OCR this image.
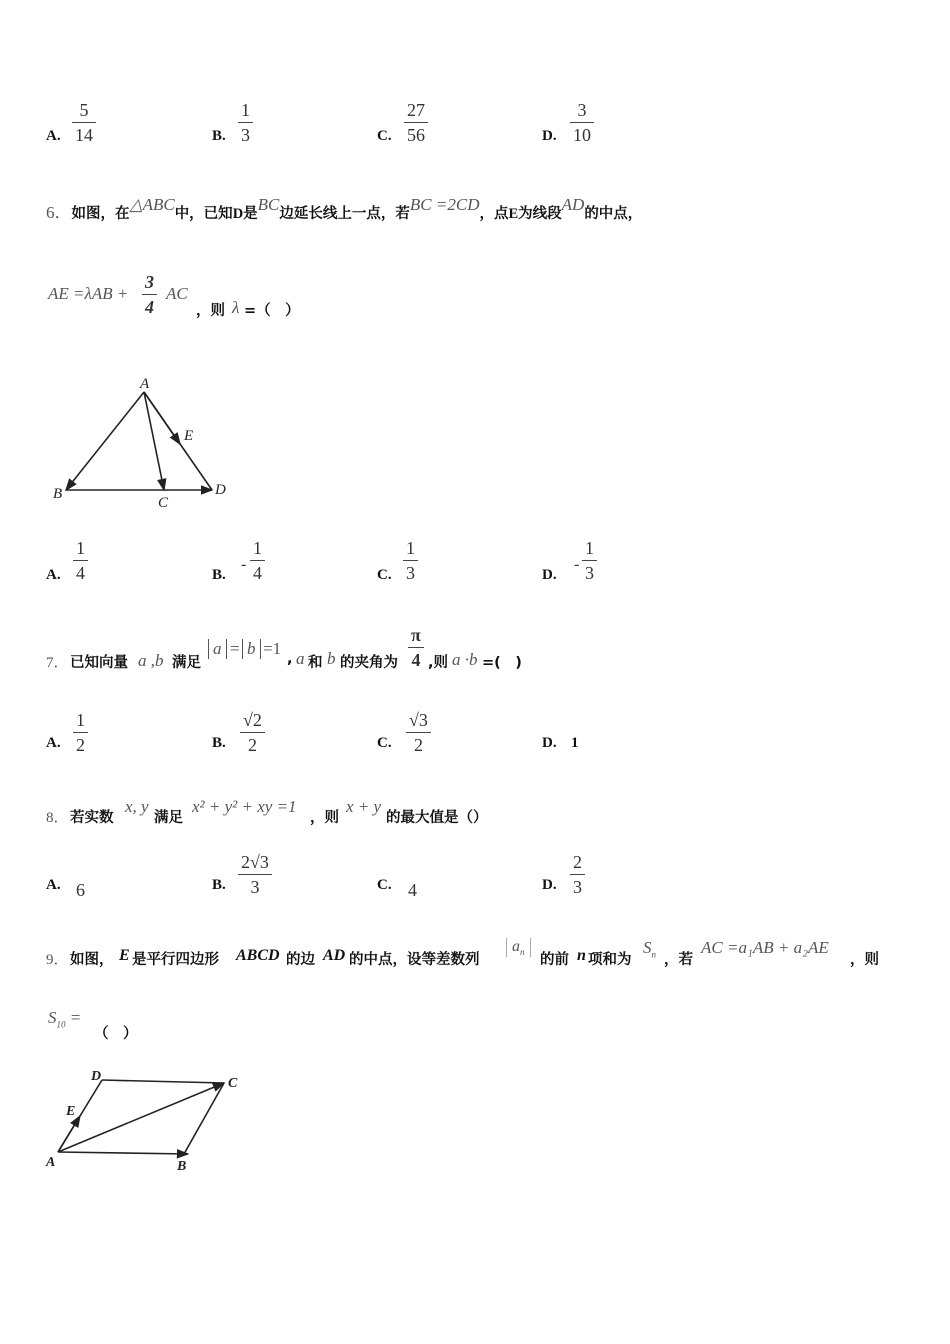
A.
5
14	B.
1
3	C.
27
56	D.
3
10
6．如图，在△ABC中，已知D是BC边延长线上一点，若BC =2CD，点E为线段AD的中点，
AE =λAB +
3
4
AC
，则 λ =（　）
A
B
C
D
E
A.
1
4	B.
-
1
4	C.
1
3	D.
-
1
3
7． 已知向量 a ,b 满足
a = b =1
, a 和 b 的夹角为
π
4 ,则 a ·b =(　)
A.
1
2	B.
√2
2	C.
√3
2	D. 1
8． 若实数
x, y
满足
x² + y² + xy =1
，则
x + y
的最大值是（）
A. 6	B.
2√3
3	C. 4	D.
2
3
9． 如图， E 是平行四边形 ABCD 的边 AD 的中点，设等差数列
$a_n$	的前 n 项和为
$S_n$ ，若
AC =a₁AB + a₂AE
，则
$S_{10}$ =
（　）
A	B
C
D
E
